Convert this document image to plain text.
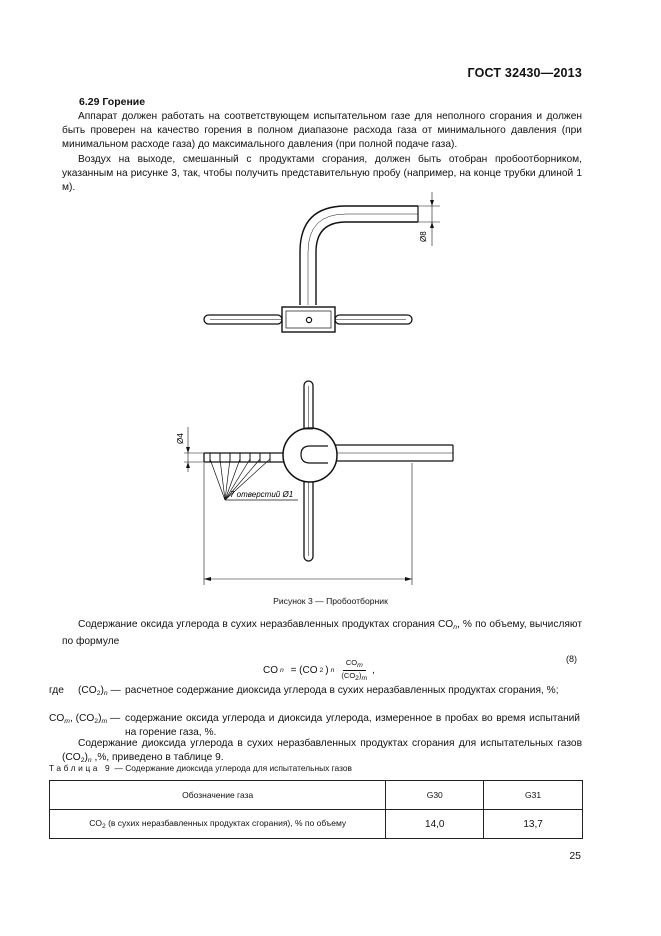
ГОСТ 32430—2013
6.29 Горение
Аппарат должен работать на соответствующем испытательном газе для неполного сгорания и должен быть проверен на качество горения в полном диапазоне расхода газа от минимального давления (при минимальном расходе газа) до максимального давления (при полной подаче газа).
Воздух на выходе, смешанный с продуктами сгорания, должен быть отобран пробоотборником, указанным на рисунке 3, так, чтобы получить представительную пробу (например, на конце трубки длиной 1 м).
Ø8
7 отверстий Ø1
Ø4
Рисунок 3 — Пробоотборник
Содержание оксида углерода в сухих неразбавленных продуктах сгорания $CO_n$, % по объему, вычисляют по формуле
CO n
= (CO 2 ) n $\frac{\text{COm}}{(CO2)m}$ ,
(8)
где $(CO_2)_n$ — расчетное содержание диоксида углерода в сухих неразбавленных продуктах сгорания, %;
$CO_m$, $(CO_2)_m$ — содержание оксида углерода и диоксида углерода, измеренное в пробах во время испытаний на горение газа, %.
Содержание диоксида углерода в сухих неразбавленных продуктах сгорания для испытательных газов $(CO_2)_n$ ,%, приведено в таблице 9.
Таблица 9 — Содержание диоксида углерода для испытательных газов
Обозначение газа	G30	G31
$CO_2$ (в сухих неразбавленных продуктах сгорания), % по объему	14,0	13,7
25
